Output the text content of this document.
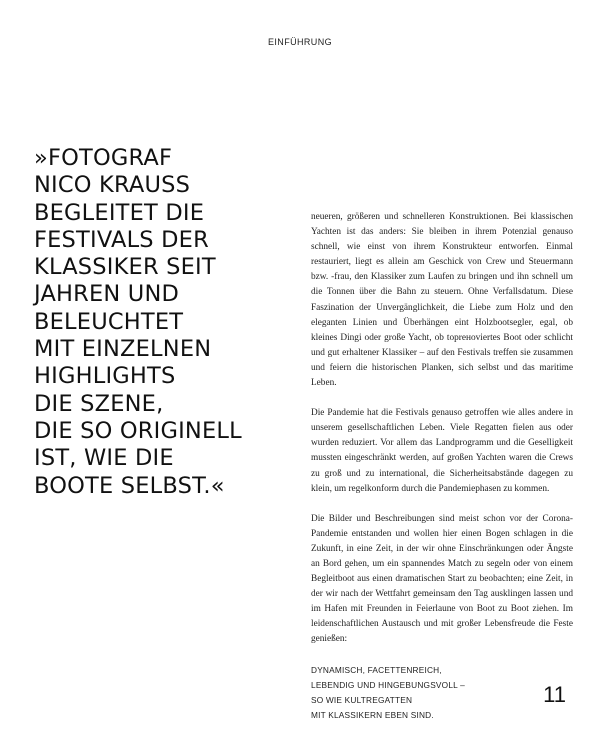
EINFÜHRUNG
»FOTOGRAF
NICO KRAUSS
BEGLEITET DIE
FESTIVALS DER
KLASSIKER SEIT
JAHREN UND
BELEUCHTET
MIT EINZELNEN
HIGHLIGHTS
DIE SZENE,
DIE SO ORIGINELL
IST, WIE DIE
BOOTE SELBST.«

neueren, größeren und schnelleren Konstruktionen. Bei klassischen Yachten ist das anders: Sie bleiben in ihrem Potenzial genauso schnell, wie einst von ihrem Konstrukteur entworfen. Einmal restauriert, liegt es allein am Geschick von Crew und Steuermann bzw. -frau, den Klassiker zum Laufen zu bringen und ihn schnell um die Tonnen über die Bahn zu steuern. Ohne Verfallsdatum. Diese Faszination der Unvergänglichkeit, die Liebe zum Holz und den eleganten Linien und Überhängen eint Holzbootsegler, egal, ob kleines Dingi oder große Yacht, ob topreноviertes Boot oder schlicht und gut erhaltener Klassiker – auf den Festivals treffen sie zusammen und feiern die historischen Planken, sich selbst und das maritime Leben.

Die Pandemie hat die Festivals genauso getroffen wie alles andere in unserem gesellschaftlichen Leben. Viele Regatten fielen aus oder wurden reduziert. Vor allem das Landprogramm und die Geselligkeit mussten eingeschränkt werden, auf großen Yachten waren die Crews zu groß und zu international, die Sicherheitsabstände dagegen zu klein, um regelkonform durch die Pandemiephasen zu kommen.

Die Bilder und Beschreibungen sind meist schon vor der Corona-Pandemie entstanden und wollen hier einen Bogen schlagen in die Zukunft, in eine Zeit, in der wir ohne Einschränkungen oder Ängste an Bord gehen, um ein spannendes Match zu segeln oder von einem Begleitboot aus einen dramatischen Start zu beobachten; eine Zeit, in der wir nach der Wettfahrt gemeinsam den Tag ausklingen lassen und im Hafen mit Freunden in Feierlaune von Boot zu Boot ziehen. Im leidenschaftlichen Austausch und mit großer Lebensfreude die Feste genießen:

DYNAMISCH, FACETTENREICH,
LEBENDIG UND HINGEBUNGSVOLL –
SO WIE KULTREGATTEN
MIT KLASSIKERN EBEN SIND.
11
